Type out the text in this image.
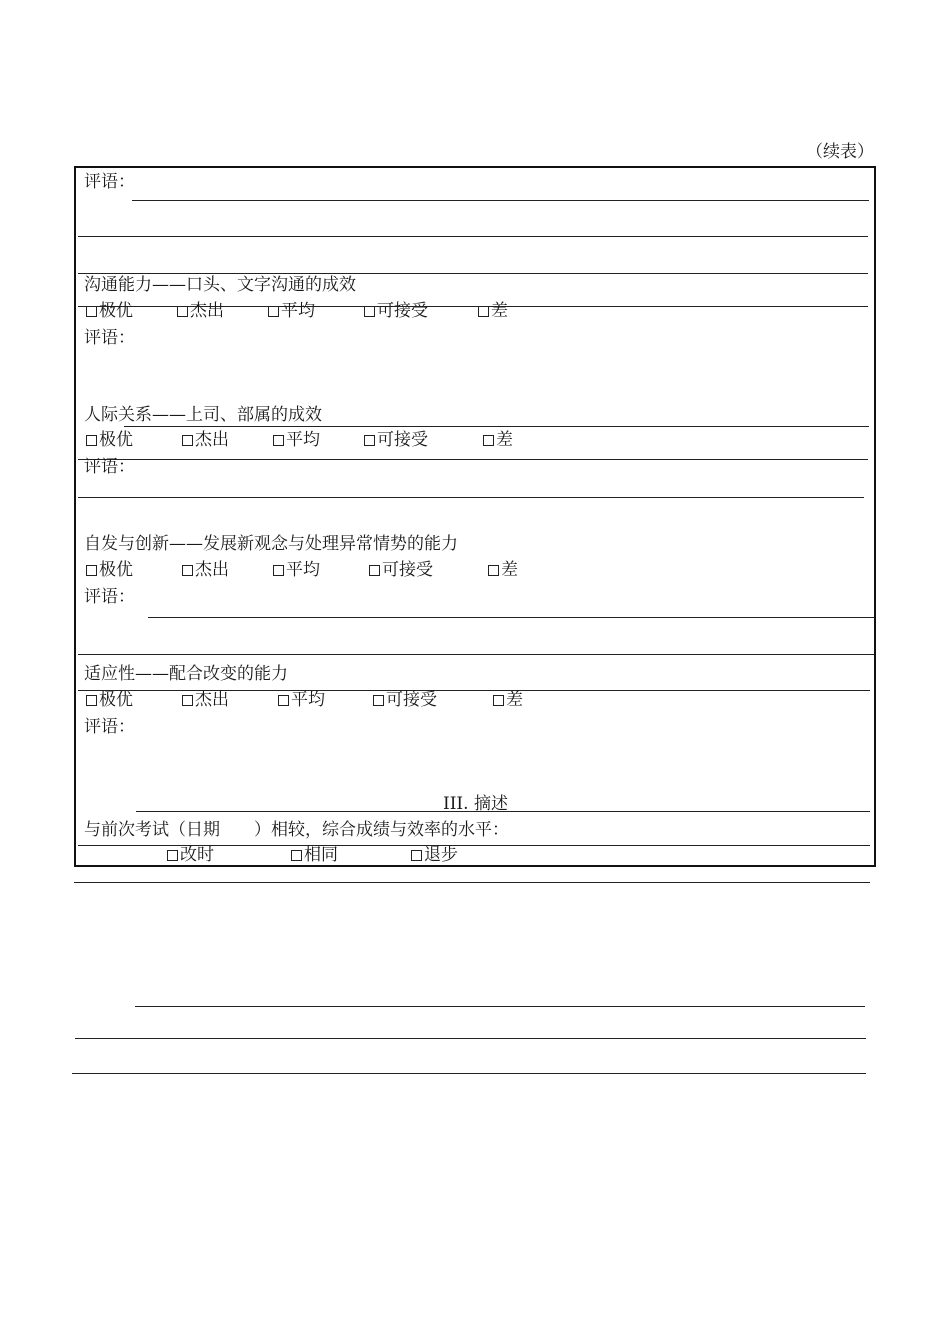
（续表）
评语：
沟通能力——口头、文字沟通的成效
极优	杰出	平均	可接受	差
评语：
人际关系——上司、部属的成效
极优	杰出	平均	可接受	差
评语：
自发与创新——发展新观念与处理异常情势的能力
极优	杰出	平均	可接受	差
评语：
适应性——配合改变的能力
极优	杰出	平均	可接受	差
评语：
III. 摘述
与前次考试（日期　　）相较，综合成绩与效率的水平：
改时	相同	退步
